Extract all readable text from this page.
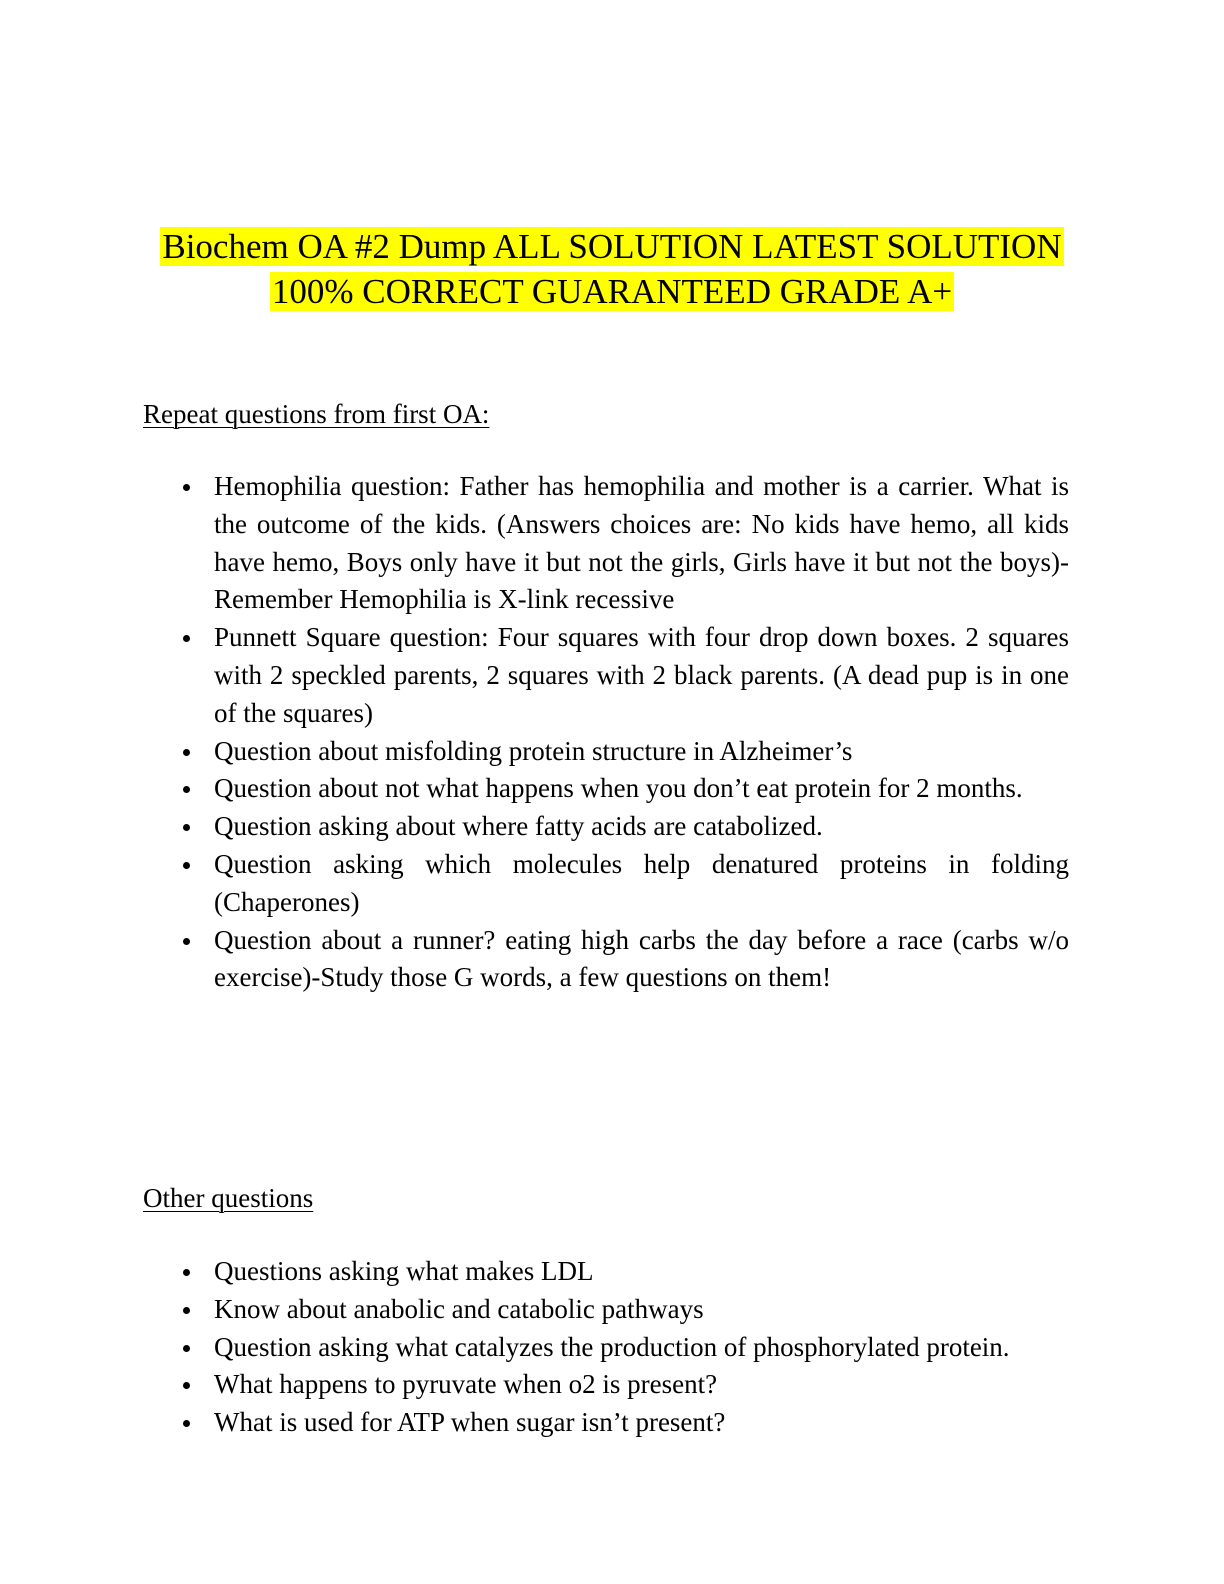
Biochem OA #2 Dump ALL SOLUTION LATEST SOLUTION 100% CORRECT GUARANTEED GRADE A+
Repeat questions from first OA:
Hemophilia question: Father has hemophilia and mother is a carrier. What is the outcome of the kids. (Answers choices are: No kids have hemo, all kids have hemo, Boys only have it but not the girls, Girls have it but not the boys)-Remember Hemophilia is X-link recessive
Punnett Square question: Four squares with four drop down boxes. 2 squares with 2 speckled parents, 2 squares with 2 black parents. (A dead pup is in one of the squares)
Question about misfolding protein structure in Alzheimer’s
Question about not what happens when you don’t eat protein for 2 months.
Question asking about where fatty acids are catabolized.
Question asking which molecules help denatured proteins in folding (Chaperones)
Question about a runner? eating high carbs the day before a race (carbs w/o exercise)-Study those G words, a few questions on them!
Other questions
Questions asking what makes LDL
Know about anabolic and catabolic pathways
Question asking what catalyzes the production of phosphorylated protein.
What happens to pyruvate when o2 is present?
What is used for ATP when sugar isn’t present?
